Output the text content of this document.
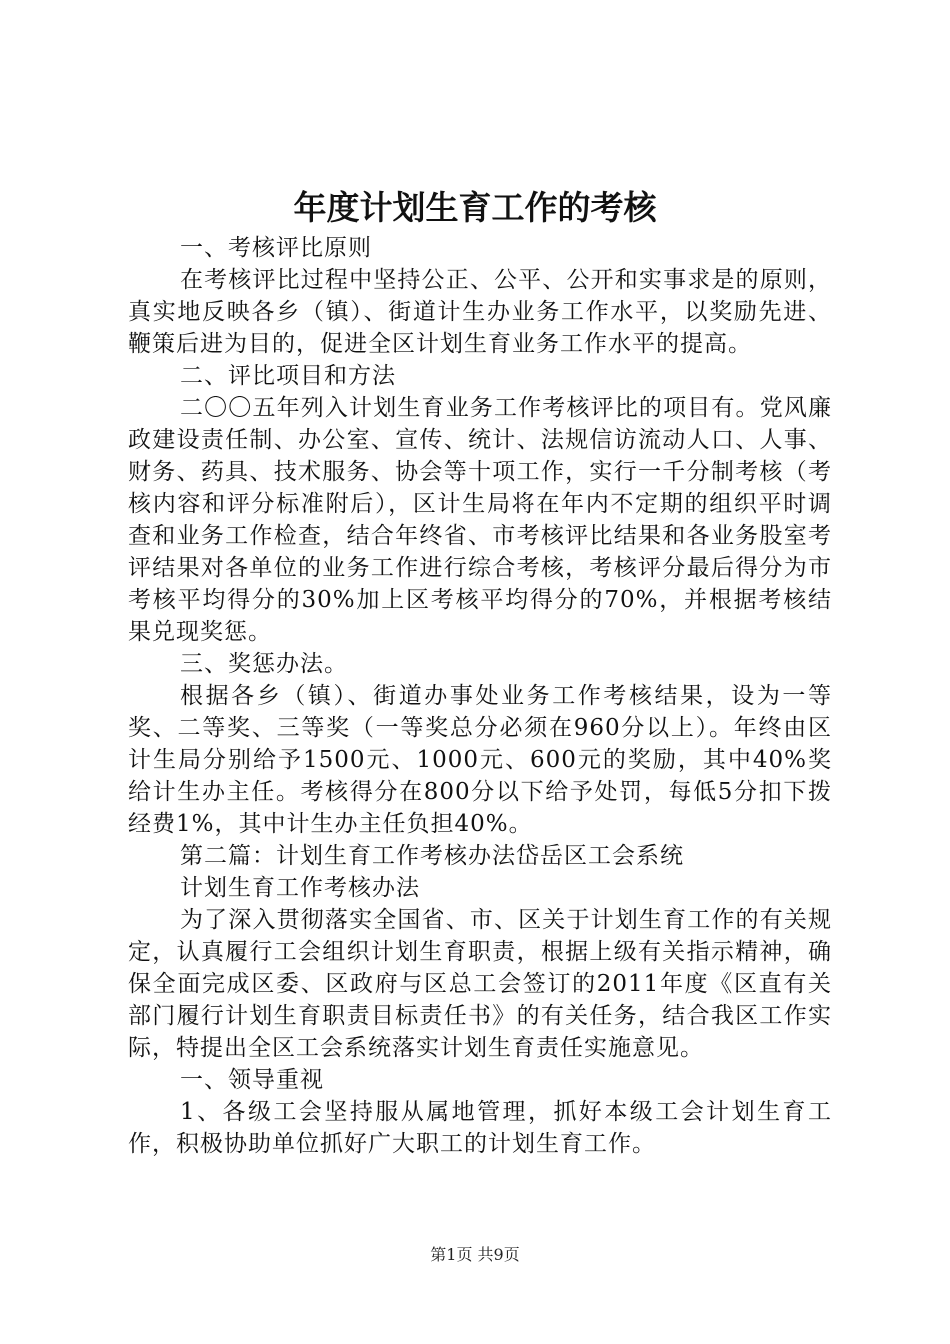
年度计划生育工作的考核

一、考核评比原则

在考核评比过程中坚持公正、公平、公开和实事求是的原则，真实地反映各乡（镇）、街道计生办业务工作水平，以奖励先进、鞭策后进为目的，促进全区计划生育业务工作水平的提高。

二、评比项目和方法

二〇〇五年列入计划生育业务工作考核评比的项目有。党风廉政建设责任制、办公室、宣传、统计、法规信访流动人口、人事、财务、药具、技术服务、协会等十项工作，实行一千分制考核（考核内容和评分标准附后），区计生局将在年内不定期的组织平时调查和业务工作检查，结合年终省、市考核评比结果和各业务股室考评结果对各单位的业务工作进行综合考核，考核评分最后得分为市考核平均得分的30%加上区考核平均得分的70%，并根据考核结果兑现奖惩。

三、奖惩办法。

根据各乡（镇）、街道办事处业务工作考核结果，设为一等奖、二等奖、三等奖（一等奖总分必须在960分以上）。年终由区计生局分别给予1500元、1000元、600元的奖励，其中40%奖给计生办主任。考核得分在800分以下给予处罚，每低5分扣下拨经费1%，其中计生办主任负担40%。

第二篇：计划生育工作考核办法岱岳区工会系统

计划生育工作考核办法

为了深入贯彻落实全国省、市、区关于计划生育工作的有关规定，认真履行工会组织计划生育职责，根据上级有关指示精神，确保全面完成区委、区政府与区总工会签订的2011年度《区直有关部门履行计划生育职责目标责任书》的有关任务，结合我区工作实际，特提出全区工会系统落实计划生育责任实施意见。

一、领导重视

1、各级工会坚持服从属地管理，抓好本级工会计划生育工作，积极协助单位抓好广大职工的计划生育工作。

第1页 共9页
